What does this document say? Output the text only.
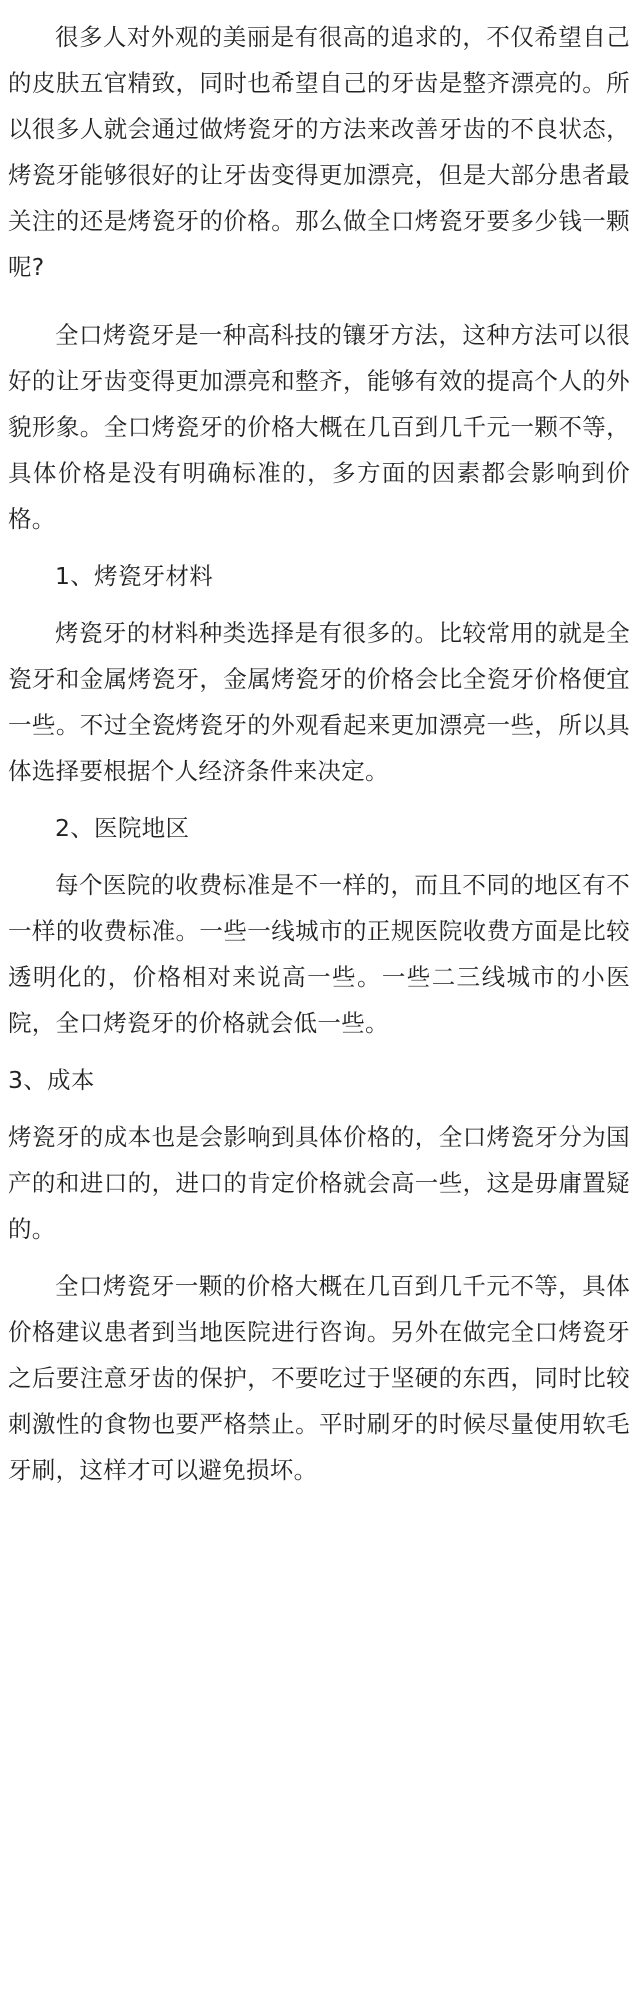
很多人对外观的美丽是有很高的追求的，不仅希望自己的皮肤五官精致，同时也希望自己的牙齿是整齐漂亮的。所以很多人就会通过做烤瓷牙的方法来改善牙齿的不良状态，烤瓷牙能够很好的让牙齿变得更加漂亮，但是大部分患者最关注的还是烤瓷牙的价格。那么做全口烤瓷牙要多少钱一颗呢?

全口烤瓷牙是一种高科技的镶牙方法，这种方法可以很好的让牙齿变得更加漂亮和整齐，能够有效的提高个人的外貌形象。全口烤瓷牙的价格大概在几百到几千元一颗不等，具体价格是没有明确标准的，多方面的因素都会影响到价格。

1、烤瓷牙材料

烤瓷牙的材料种类选择是有很多的。比较常用的就是全瓷牙和金属烤瓷牙，金属烤瓷牙的价格会比全瓷牙价格便宜一些。不过全瓷烤瓷牙的外观看起来更加漂亮一些，所以具体选择要根据个人经济条件来决定。

2、医院地区

每个医院的收费标准是不一样的，而且不同的地区有不一样的收费标准。一些一线城市的正规医院收费方面是比较透明化的，价格相对来说高一些。一些二三线城市的小医院，全口烤瓷牙的价格就会低一些。

3、成本

烤瓷牙的成本也是会影响到具体价格的，全口烤瓷牙分为国产的和进口的，进口的肯定价格就会高一些，这是毋庸置疑的。

全口烤瓷牙一颗的价格大概在几百到几千元不等，具体价格建议患者到当地医院进行咨询。另外在做完全口烤瓷牙之后要注意牙齿的保护，不要吃过于坚硬的东西，同时比较刺激性的食物也要严格禁止。平时刷牙的时候尽量使用软毛牙刷，这样才可以避免损坏。
